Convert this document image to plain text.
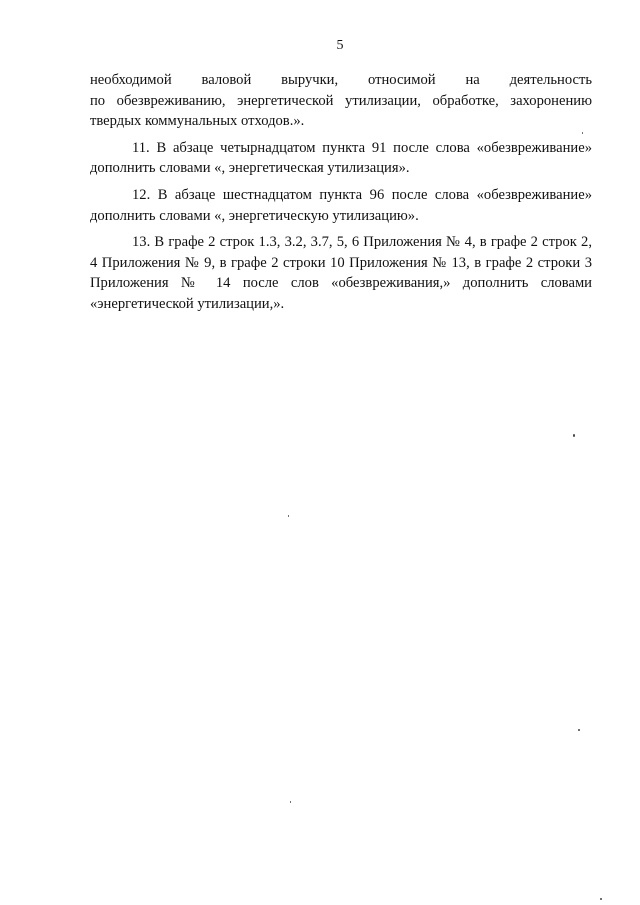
5

необходимой валовой выручки, относимой на деятельность
по обезвреживанию, энергетической утилизации, обработке, захоронению
твердых коммунальных отходов.».

11. В абзаце четырнадцатом пункта 91 после слова «обезвреживание»
дополнить словами «, энергетическая утилизация».

12. В абзаце шестнадцатом пункта 96 после слова «обезвреживание»
дополнить словами «, энергетическую утилизацию».

13. В графе 2 строк 1.3, 3.2, 3.7, 5, 6 Приложения № 4, в графе 2 строк 2,
4 Приложения № 9, в графе 2 строки 10 Приложения № 13, в графе 2 строки 3
Приложения № 14 после слов «обезвреживания,» дополнить словами
«энергетической утилизации,».
